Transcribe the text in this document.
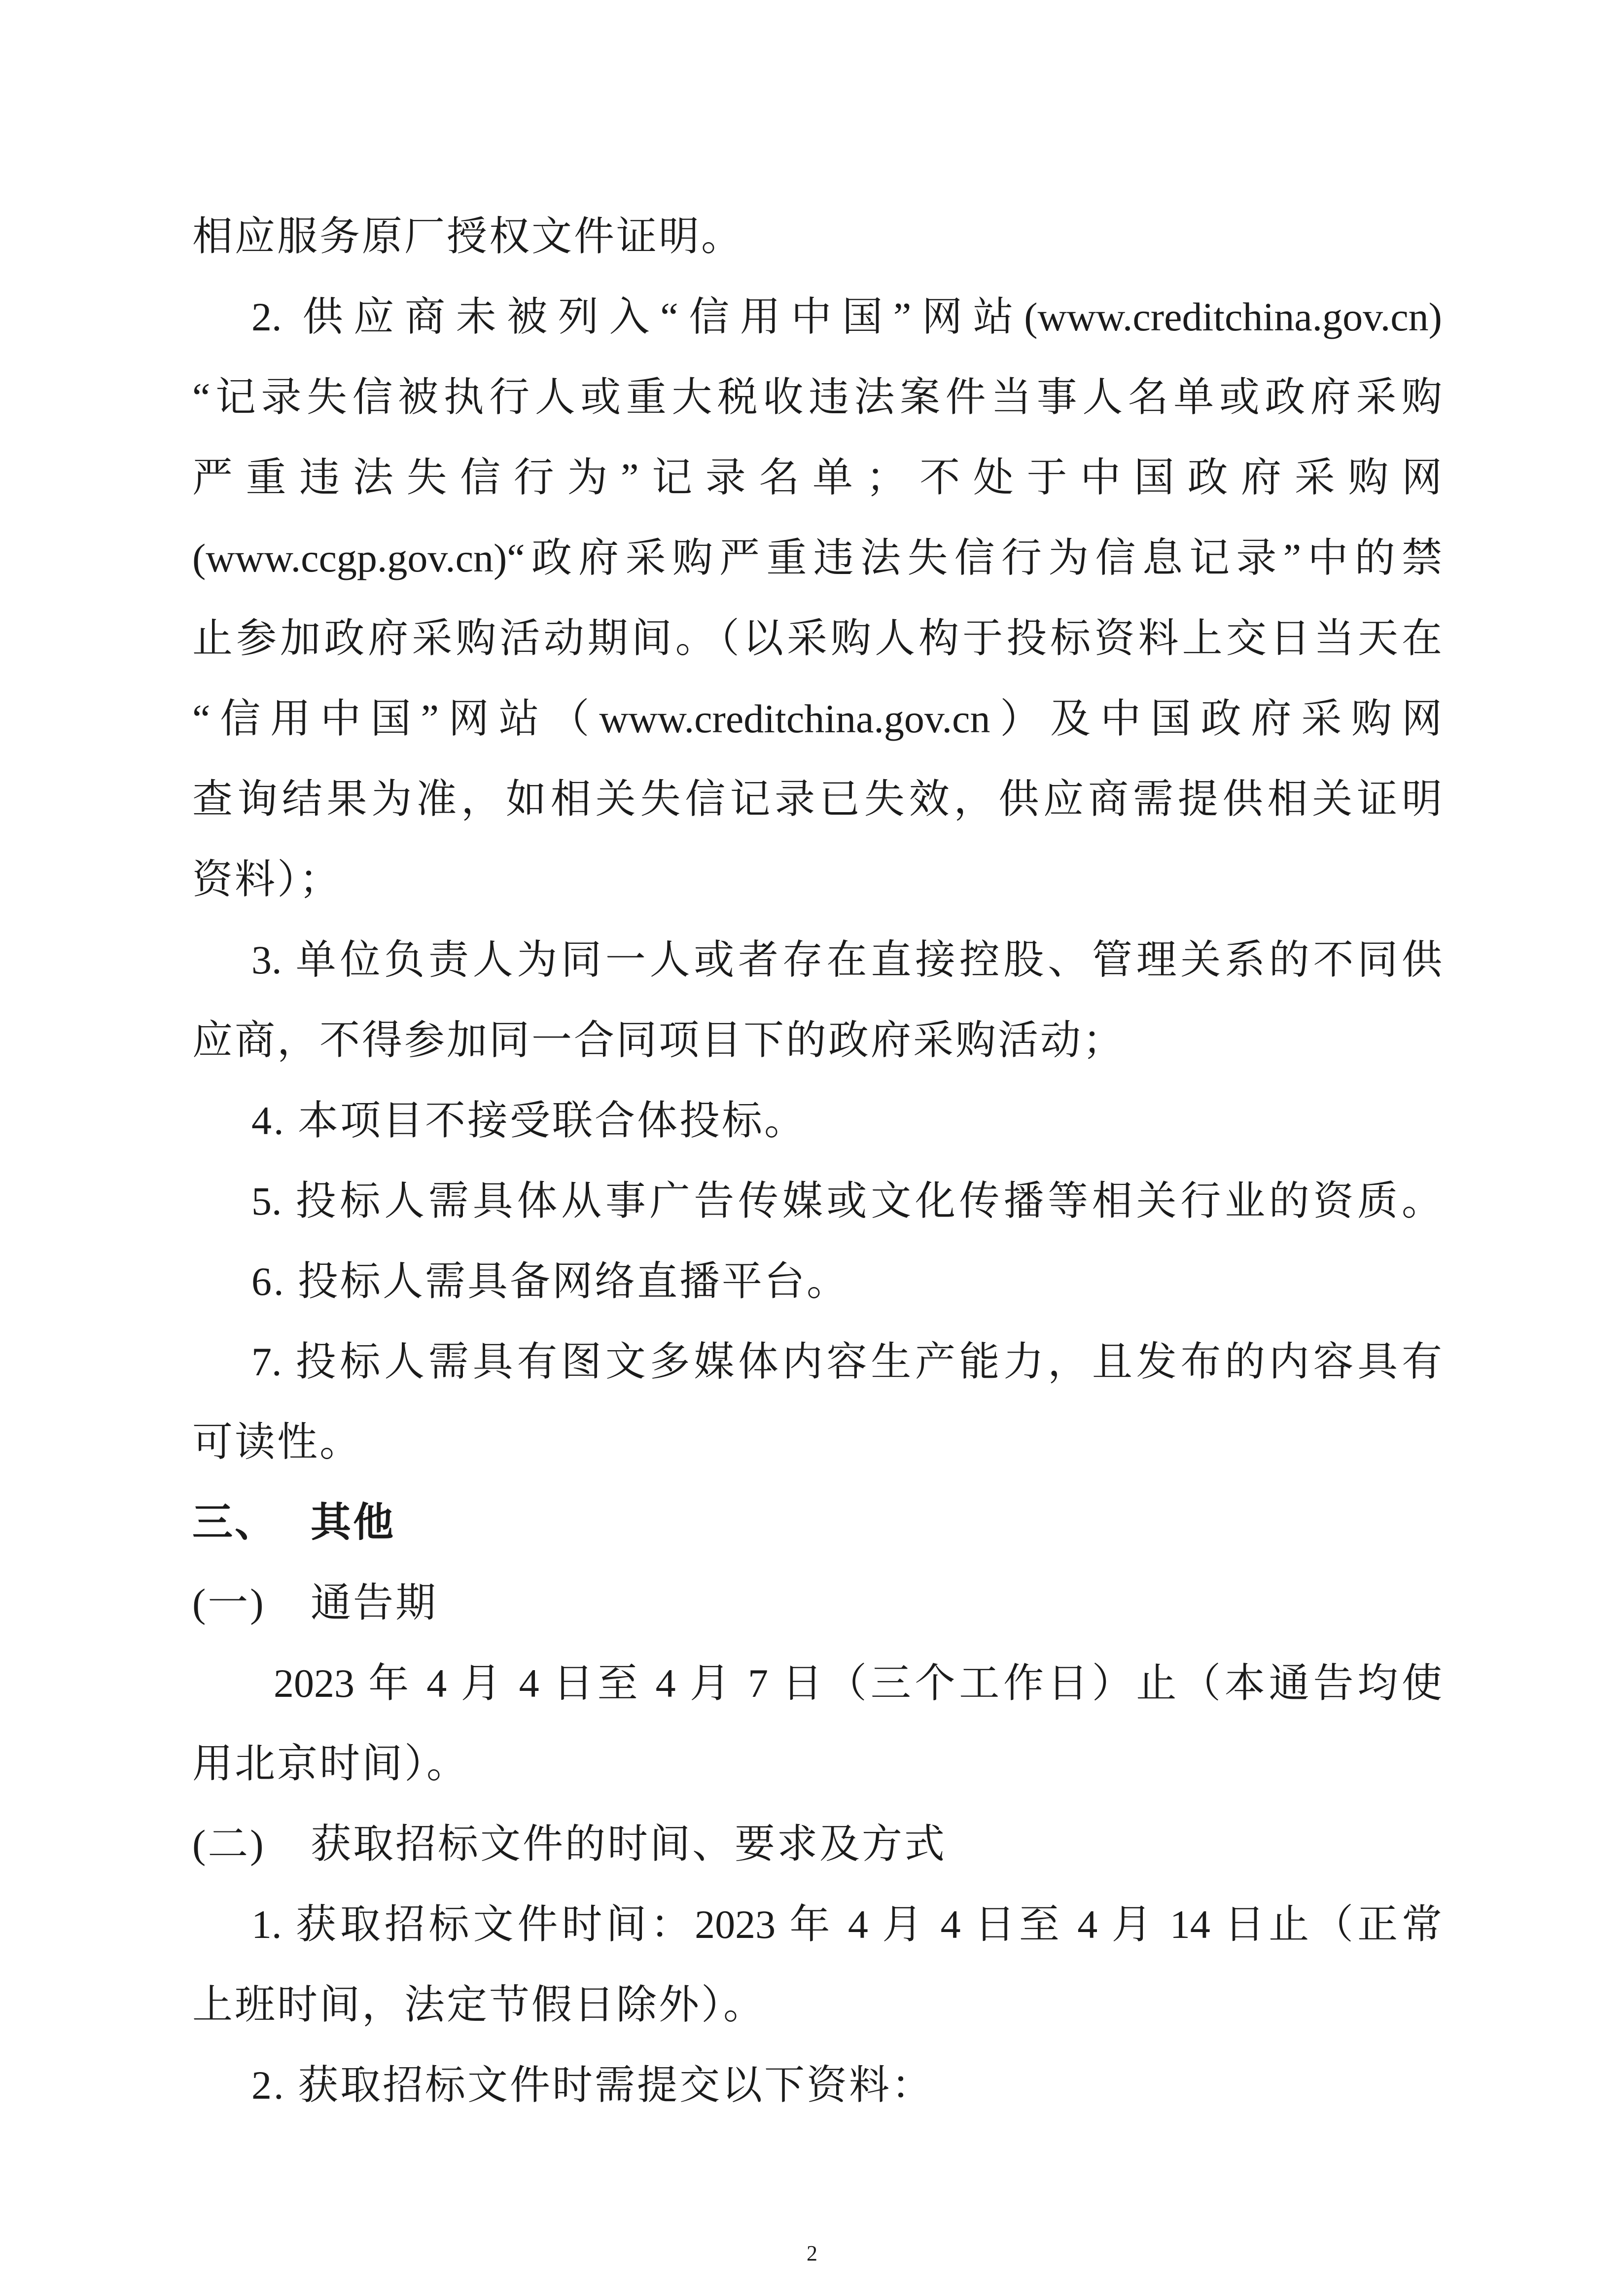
相应服务原厂授权文件证明。
2. 供应商未被列入“信用中国”网站(www.creditchina.gov.cn)
“记录失信被执行人或重大税收违法案件当事人名单或政府采购
严重违法失信行为”记录名单；不处于中国政府采购网
(www.ccgp.gov.cn)“政府采购严重违法失信行为信息记录”中的禁
止参加政府采购活动期间。（以采购人构于投标资料上交日当天在
“信用中国”网站（www.creditchina.gov.cn）及中国政府采购网
查询结果为准，如相关失信记录已失效，供应商需提供相关证明
资料）；
3. 单位负责人为同一人或者存在直接控股、管理关系的不同供
应商，不得参加同一合同项目下的政府采购活动；
4. 本项目不接受联合体投标。
5. 投标人需具体从事广告传媒或文化传播等相关行业的资质。
6. 投标人需具备网络直播平台。
7. 投标人需具有图文多媒体内容生产能力，且发布的内容具有
可读性。
三、 其他
(一)	通告期
2023 年 4 月 4 日至 4 月 7 日（三个工作日）止（本通告均使
用北京时间）。
(二)	获取招标文件的时间、要求及方式
1. 获取招标文件时间：2023 年 4 月 4 日至 4 月 14 日止（正常
上班时间，法定节假日除外）。
2. 获取招标文件时需提交以下资料：
2
